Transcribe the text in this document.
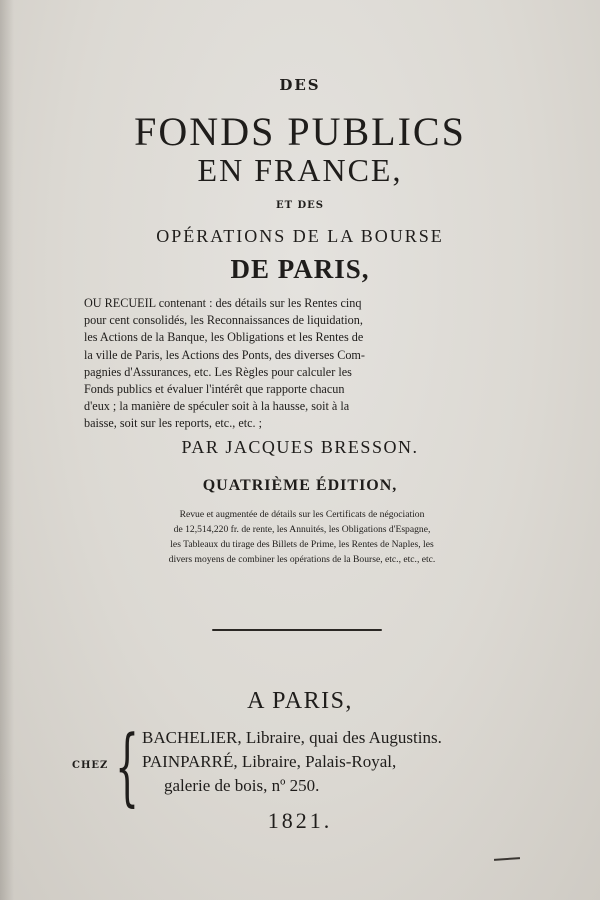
DES
FONDS PUBLICS
EN FRANCE,
ET DES
OPÉRATIONS DE LA BOURSE
DE PARIS,
OU RECUEIL contenant : des détails sur les Rentes cinq
pour cent consolidés, les Reconnaissances de liquidation,
les Actions de la Banque, les Obligations et les Rentes de
la ville de Paris, les Actions des Ponts, des diverses Com-
pagnies d'Assurances, etc. Les Règles pour calculer les
Fonds publics et évaluer l'intérêt que rapporte chacun
d'eux ; la manière de spéculer soit à la hausse, soit à la
baisse, soit sur les reports, etc., etc. ;
PAR JACQUES BRESSON.
QUATRIÈME ÉDITION,
Revue et augmentée de détails sur les Certificats de négociation
de 12,514,220 fr. de rente, les Annuités, les Obligations d'Espagne,
les Tableaux du tirage des Billets de Prime, les Rentes de Naples, les
divers moyens de combiner les opérations de la Bourse, etc., etc., etc.
A PARIS,
CHEZ { BACHELIER, Libraire, quai des Augustins.
PAINPARRÉ, Libraire, Palais-Royal,
galerie de bois, nº 250.
1821.
